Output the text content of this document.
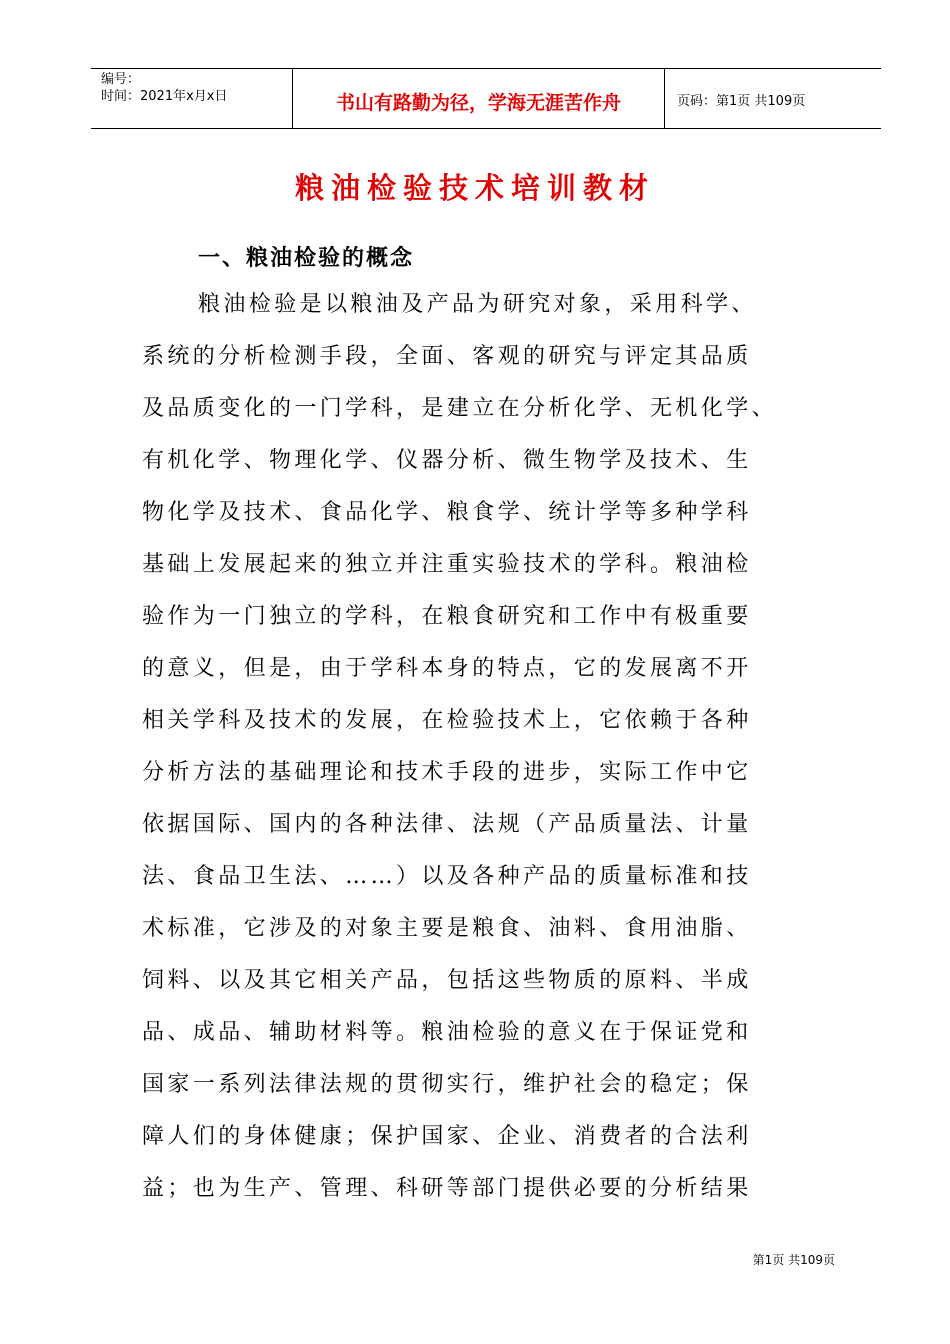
编号：
时间：2021年x月x日	书山有路勤为径，学海无涯苦作舟	页码：第1页 共109页
粮油检验技术培训教材
一、粮油检验的概念
粮油检验是以粮油及产品为研究对象，采用科学、
系统的分析检测手段，全面、客观的研究与评定其品质
及品质变化的一门学科，是建立在分析化学、无机化学、
有机化学、物理化学、仪器分析、微生物学及技术、生
物化学及技术、食品化学、粮食学、统计学等多种学科
基础上发展起来的独立并注重实验技术的学科。粮油检
验作为一门独立的学科，在粮食研究和工作中有极重要
的意义，但是，由于学科本身的特点，它的发展离不开
相关学科及技术的发展，在检验技术上，它依赖于各种
分析方法的基础理论和技术手段的进步，实际工作中它
依据国际、国内的各种法律、法规（产品质量法、计量
法、食品卫生法、……）以及各种产品的质量标准和技
术标准，它涉及的对象主要是粮食、油料、食用油脂、
饲料、以及其它相关产品，包括这些物质的原料、半成
品、成品、辅助材料等。粮油检验的意义在于保证党和
国家一系列法律法规的贯彻实行，维护社会的稳定；保
障人们的身体健康；保护国家、企业、消费者的合法利
益；也为生产、管理、科研等部门提供必要的分析结果
第1页 共109页
